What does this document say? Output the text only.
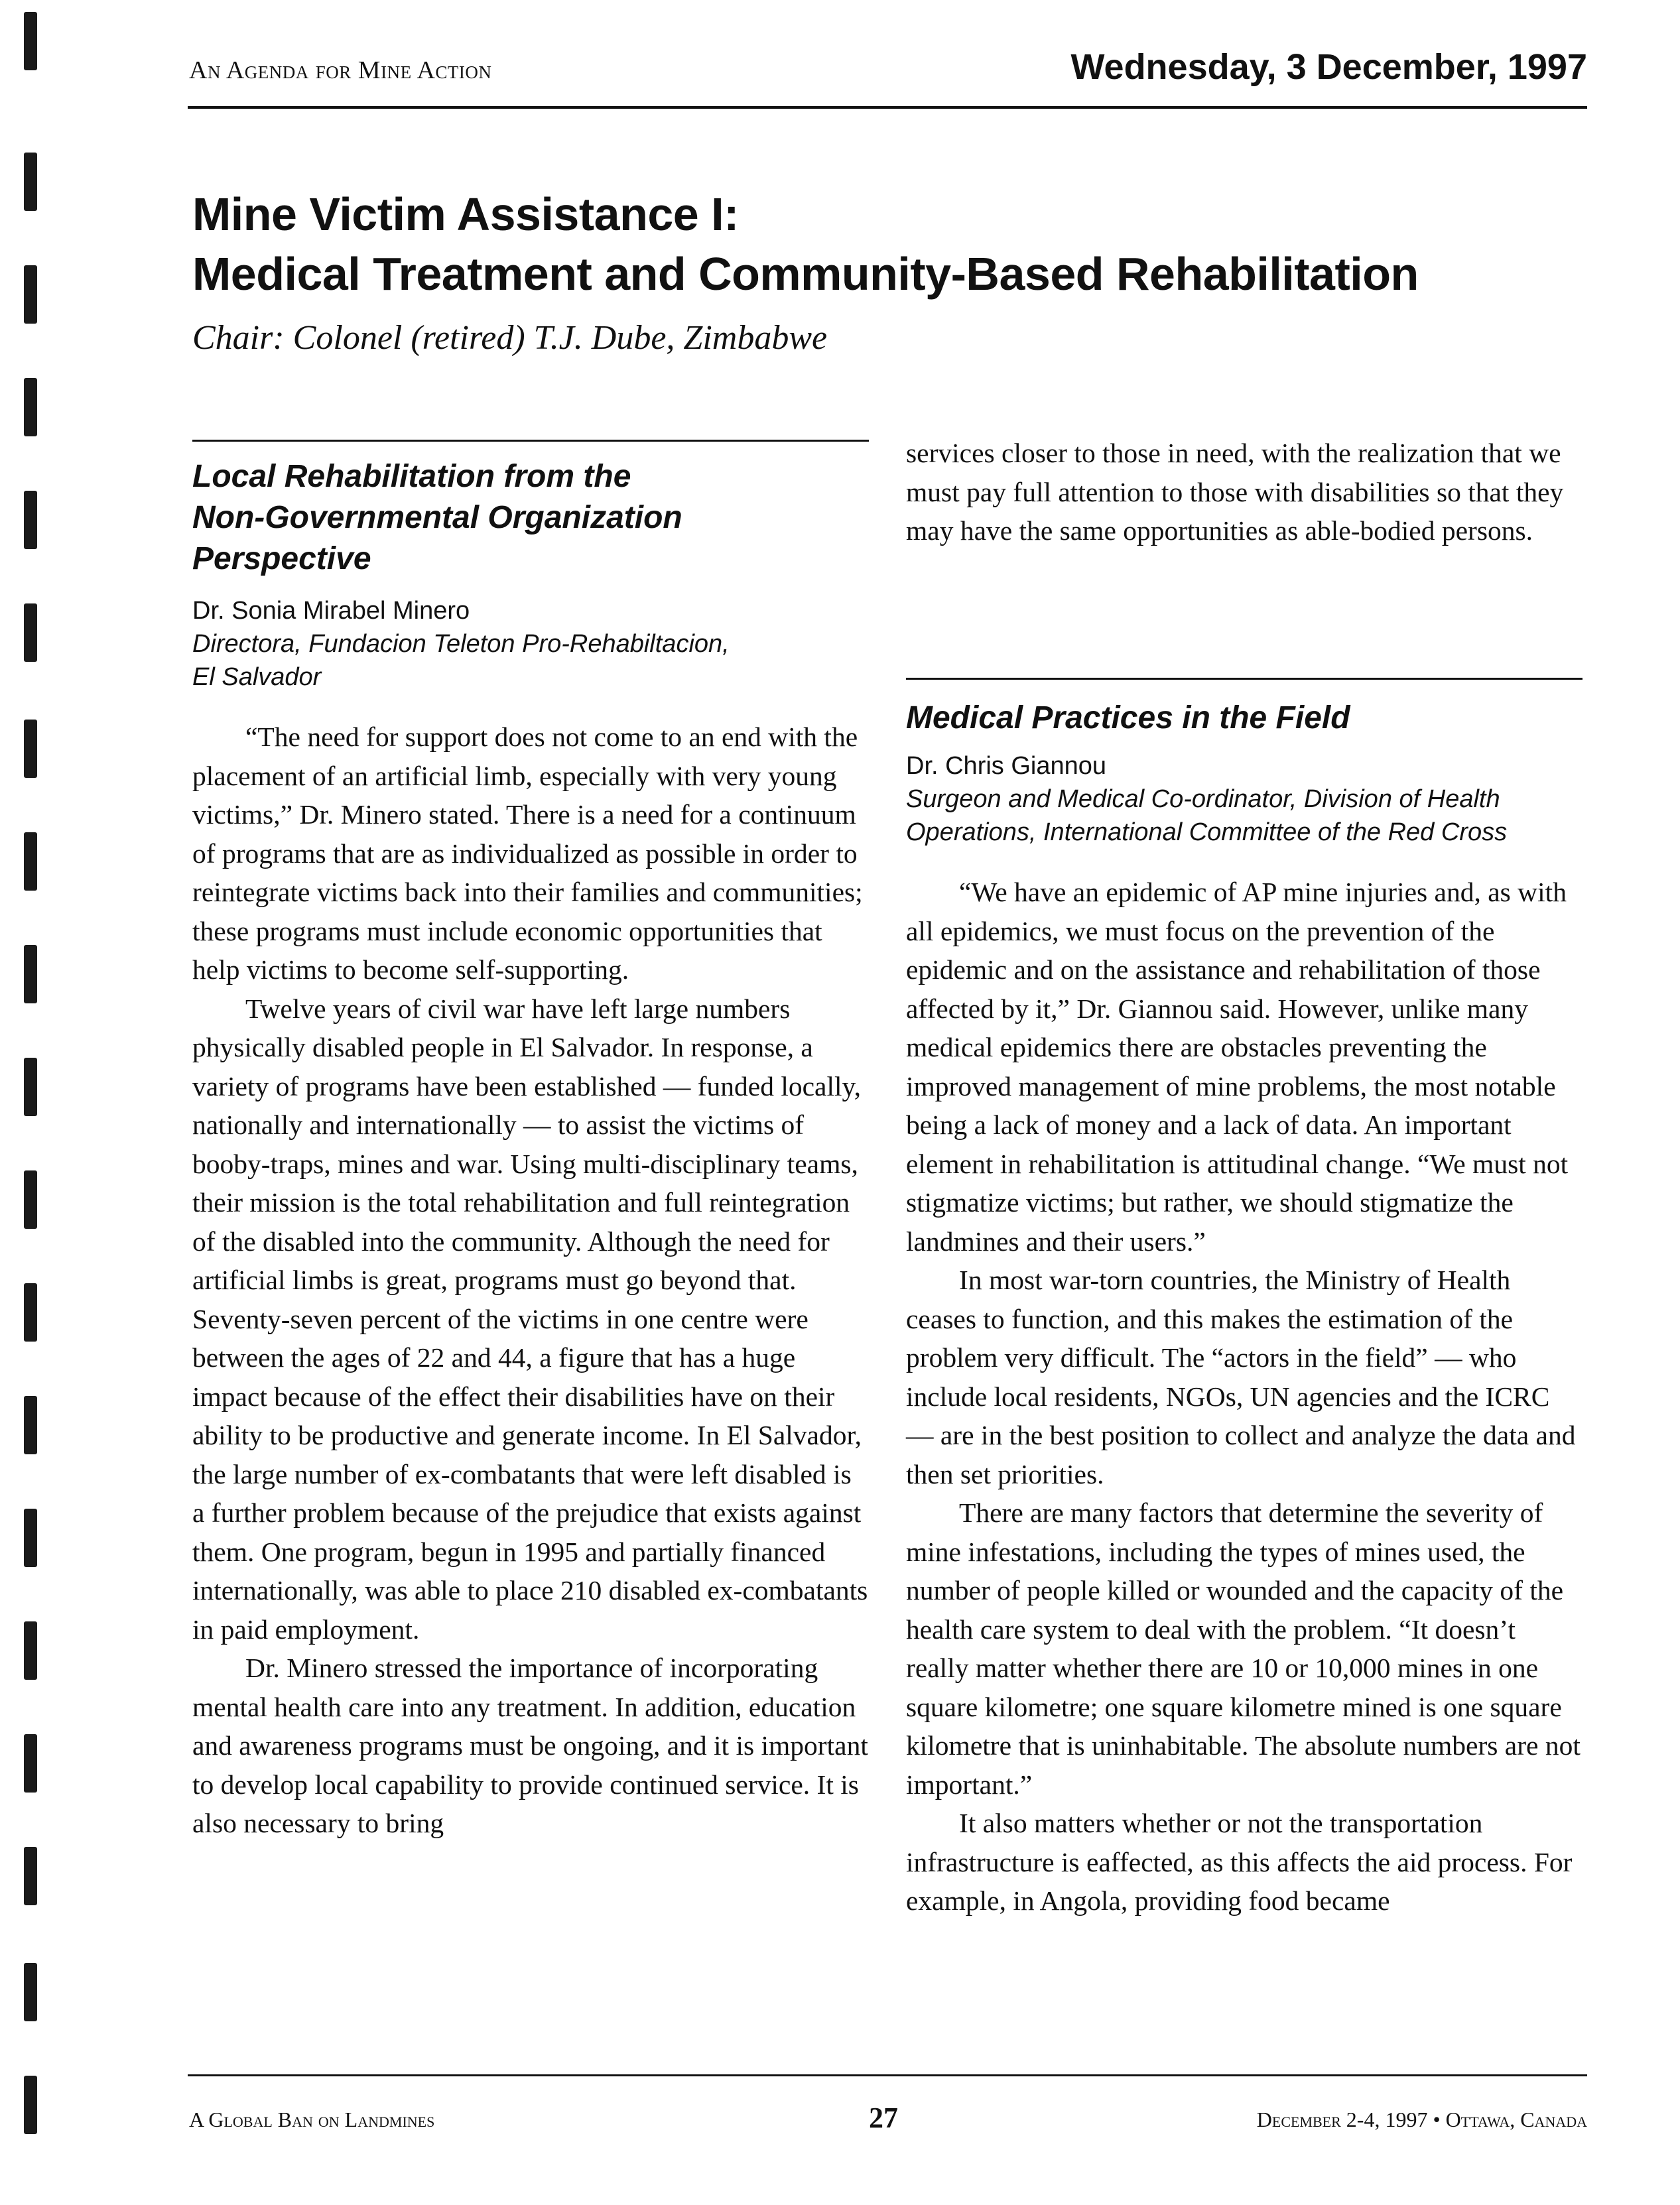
An Agenda for Mine Action	Wednesday, 3 December, 1997
Mine Victim Assistance I:
Medical Treatment and Community-Based Rehabilitation
Chair: Colonel (retired) T.J. Dube, Zimbabwe
Local Rehabilitation from the
Non-Governmental Organization
Perspective

Dr. Sonia Mirabel Minero

Directora, Fundacion Teleton Pro-Rehabiltacion,
El Salvador

“The need for support does not come to an end with the placement of an artificial limb, especially with very young victims,” Dr. Minero stated. There is a need for a continuum of programs that are as individualized as possible in order to reintegrate victims back into their families and communities; these programs must include economic opportunities that help victims to become self-supporting.

Twelve years of civil war have left large numbers physically disabled people in El Salvador. In response, a variety of programs have been established — funded locally, nationally and internationally — to assist the victims of booby-traps, mines and war. Using multi-disciplinary teams, their mission is the total rehabilitation and full reintegration of the disabled into the community. Although the need for artificial limbs is great, programs must go beyond that. Seventy-seven percent of the victims in one centre were between the ages of 22 and 44, a figure that has a huge impact because of the effect their disabilities have on their ability to be productive and generate income. In El Salvador, the large number of ex-combatants that were left disabled is a further problem because of the prejudice that exists against them. One program, begun in 1995 and partially financed internationally, was able to place 210 disabled ex-combatants in paid employment.

Dr. Minero stressed the importance of incorporating mental health care into any treatment. In addition, education and awareness programs must be ongoing, and it is important to develop local capability to provide continued service. It is also necessary to bring

services closer to those in need, with the realization that we must pay full attention to those with disabilities so that they may have the same opportunities as able-bodied persons.

Medical Practices in the Field

Dr. Chris Giannou

Surgeon and Medical Co-ordinator, Division of Health
Operations, International Committee of the Red Cross

“We have an epidemic of AP mine injuries and, as with all epidemics, we must focus on the prevention of the epidemic and on the assistance and rehabilitation of those affected by it,” Dr. Giannou said. However, unlike many medical epidemics there are obstacles preventing the improved management of mine problems, the most notable being a lack of money and a lack of data. An important element in rehabilitation is attitudinal change. “We must not stigmatize victims; but rather, we should stigmatize the landmines and their users.”

In most war-torn countries, the Ministry of Health ceases to function, and this makes the estimation of the problem very difficult. The “actors in the field” — who include local residents, NGOs, UN agencies and the ICRC — are in the best position to collect and analyze the data and then set priorities.

There are many factors that determine the severity of mine infestations, including the types of mines used, the number of people killed or wounded and the capacity of the health care system to deal with the problem. “It doesn’t really matter whether there are 10 or 10,000 mines in one square kilometre; one square kilometre mined is one square kilometre that is uninhabitable. The absolute numbers are not important.”

It also matters whether or not the transportation infrastructure is eaffected, as this affects the aid process. For example, in Angola, providing food became

A Global Ban on Landmines	27	December 2-4, 1997 • Ottawa, Canada
